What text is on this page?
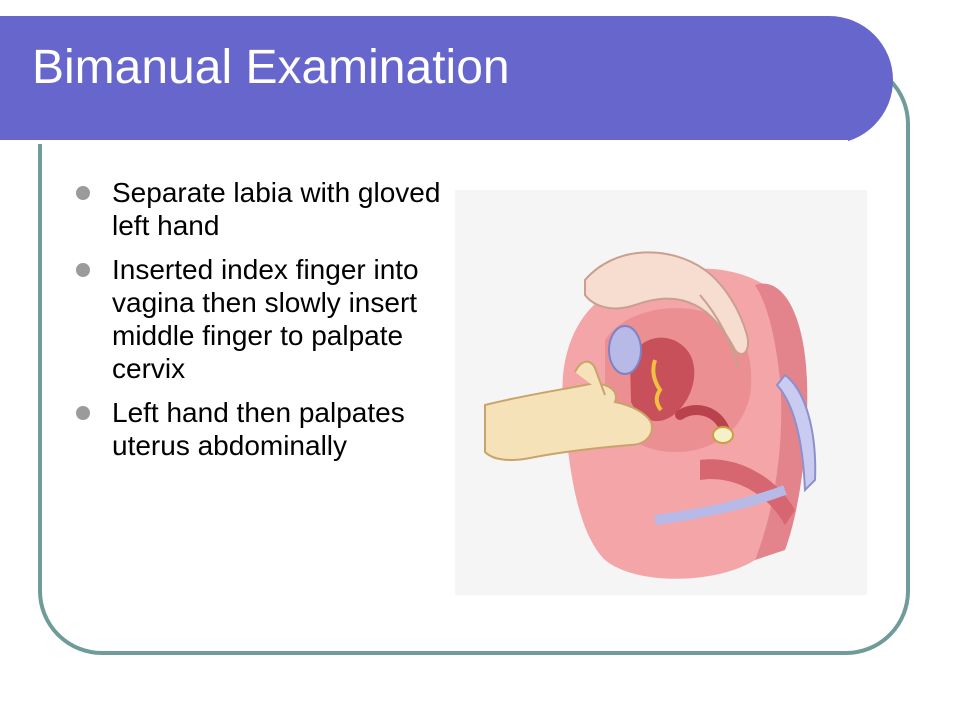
Bimanual Examination
Separate labia with gloved left hand
Inserted index finger into vagina then slowly insert middle finger to palpate cervix
Left hand then palpates uterus abdominally
